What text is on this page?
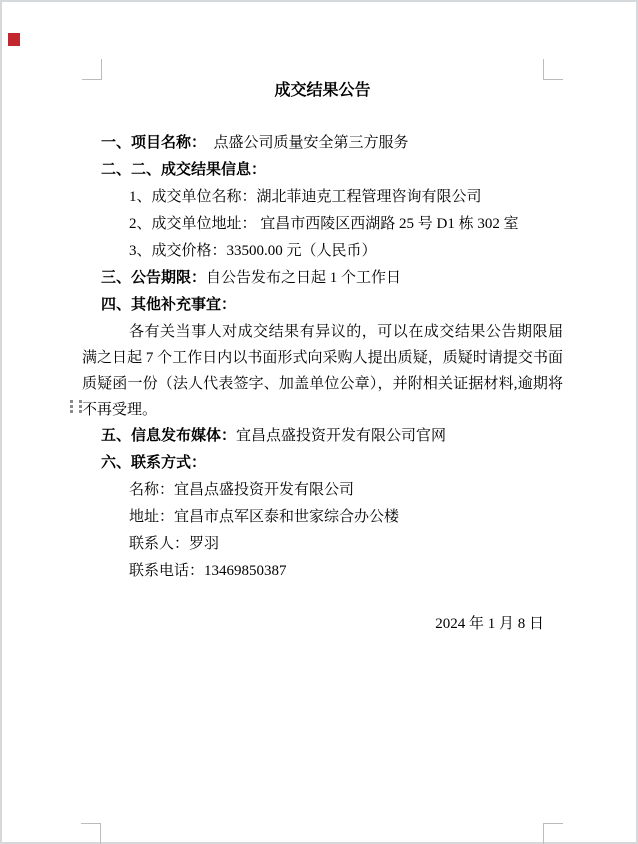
成交结果公告
一、项目名称：　点盛公司质量安全第三方服务
二、二、成交结果信息：
1、成交单位名称：湖北菲迪克工程管理咨询有限公司
2、成交单位地址： 宜昌市西陵区西湖路 25 号 D1 栋 302 室
3、成交价格：33500.00 元（人民币）
三、公告期限：自公告发布之日起 1 个工作日
四、其他补充事宜：

各有关当事人对成交结果有异议的，可以在成交结果公告期限届满之日起 7 个工作日内以书面形式向采购人提出质疑，质疑时请提交书面质疑函一份（法人代表签字、加盖单位公章），并附相关证据材料,逾期将不再受理。

五、信息发布媒体：宜昌点盛投资开发有限公司官网
六、联系方式：
名称：宜昌点盛投资开发有限公司
地址：宜昌市点军区泰和世家综合办公楼
联系人：罗羽
联系电话：13469850387
2024 年 1 月 8 日
